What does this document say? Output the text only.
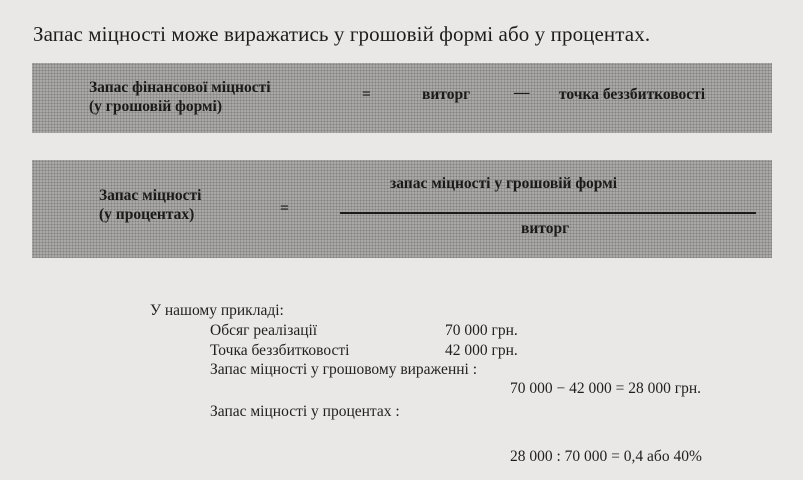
Запас міцності може виражатись у грошовій формі або у процентах.
Запас фінансової міцності
(у грошовій формі)
=	виторг	— точка беззбитковості
Запас міцності
(у процентах)	=
запас міцності у грошовій формі
виторг
У нашому прикладі:
Обсяг реалізації	70 000 грн.
Точка беззбитковості	42 000 грн.
Запас міцності у грошовому вираженні :
70 000 − 42 000 = 28 000 грн.
Запас міцності у процентах :
28 000 : 70 000 = 0,4 або 40%
